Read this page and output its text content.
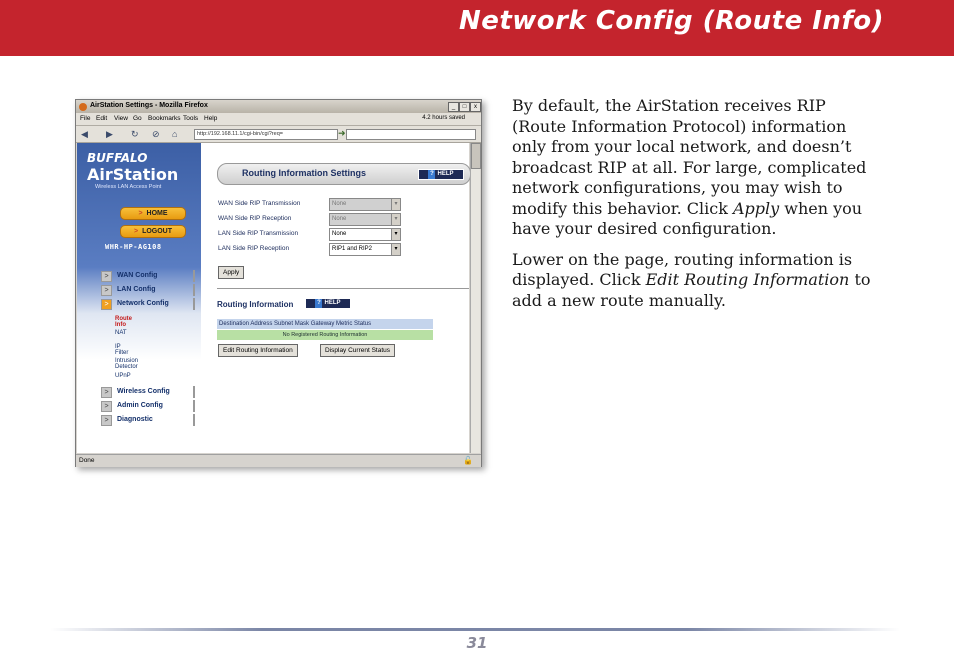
Network Config (Route Info)
AirStation Settings - Mozilla Firefox	_	□	x
File Edit View Go Bookmarks Tools Help	4.2 hours saved
◀ ▶ ↻ ⊘ ⌂	http://192.168.11.1/cgi-bin/cgi?req=	➜
BUFFALO
AirStation
Wireless LAN Access Point
> HOME
> LOGOUT
WHR-HP-AG108
>	WAN Config
>	LAN Config
>	Network Config
Route Info
NAT
IP Filter
Intrusion Detector
UPnP
>	Wireless Config
>	Admin Config
>	Diagnostic
Routing Information Settings	? HELP
WAN Side RIP Transmission	None	▾
WAN Side RIP Reception	None	▾
LAN Side RIP Transmission	None	▾
LAN Side RIP Reception	RIP1 and RIP2	▾
Apply
Routing Information	? HELP
Destination Address Subnet Mask Gateway Metric Status
No Registered Routing Information
Edit Routing Information	Display Current Status
Done	🔓

By default, the AirStation receives RIP (Route Information Protocol) information only from your local network, and doesn’t broadcast RIP at all. For large, complicated network configurations, you may wish to modify this behavior. Click Apply when you have your desired configuration.

Lower on the page, routing information is displayed. Click Edit Routing Information to add a new route manually.

31
